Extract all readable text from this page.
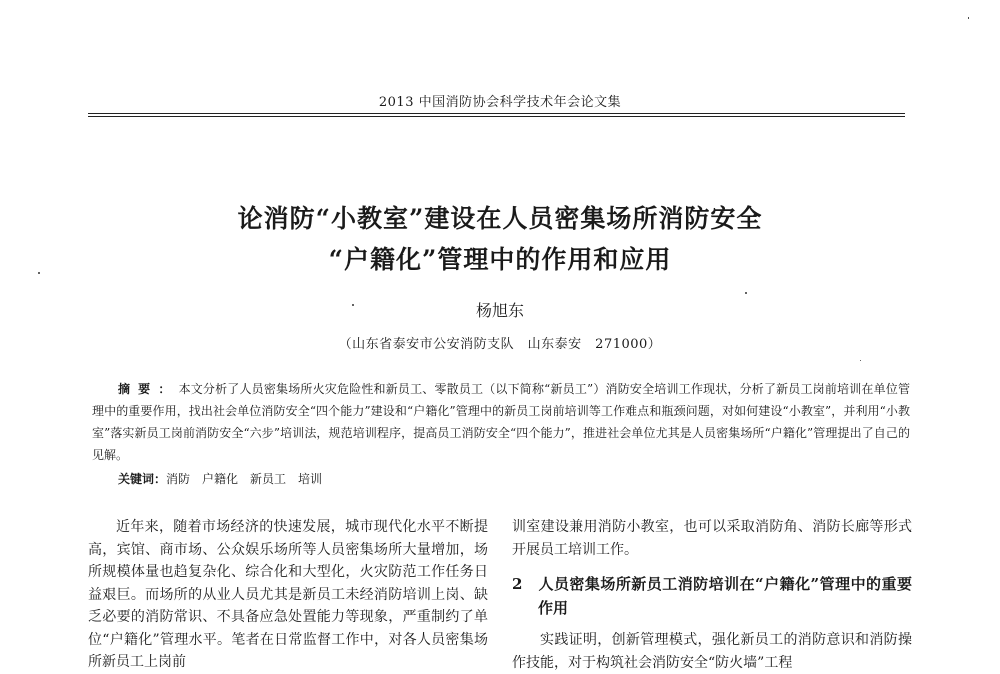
2013 中国消防协会科学技术年会论文集
论消防“小教室”建设在人员密集场所消防安全
“户籍化”管理中的作用和应用
杨旭东
（山东省泰安市公安消防支队　山东泰安　271000）
摘要：本文分析了人员密集场所火灾危险性和新员工、零散员工（以下简称“新员工”）消防安全培训工作现状，分析了新员工岗前培训在单位管理中的重要作用，找出社会单位消防安全“四个能力”建设和“户籍化”管理中的新员工岗前培训等工作难点和瓶颈问题，对如何建设“小教室”，并利用“小教室”落实新员工岗前消防安全“六步”培训法，规范培训程序，提高员工消防安全“四个能力”，推进社会单位尤其是人员密集场所“户籍化”管理提出了自己的见解。
关键词：消防　户籍化　新员工　培训

近年来，随着市场经济的快速发展，城市现代化水平不断提高，宾馆、商市场、公众娱乐场所等人员密集场所大量增加，场所规模体量也趋复杂化、综合化和大型化，火灾防范工作任务日益艰巨。而场所的从业人员尤其是新员工未经消防培训上岗、缺乏必要的消防常识、不具备应急处置能力等现象，严重制约了单位“户籍化”管理水平。笔者在日常监督工作中，对各人员密集场所新员工上岗前

训室建设兼用消防小教室，也可以采取消防角、消防长廊等形式开展员工培训工作。

2 人员密集场所新员工消防培训在“户籍化”管理中的重要作用

实践证明，创新管理模式，强化新员工的消防意识和消防操作技能，对于构筑社会消防安全“防火墙”工程
